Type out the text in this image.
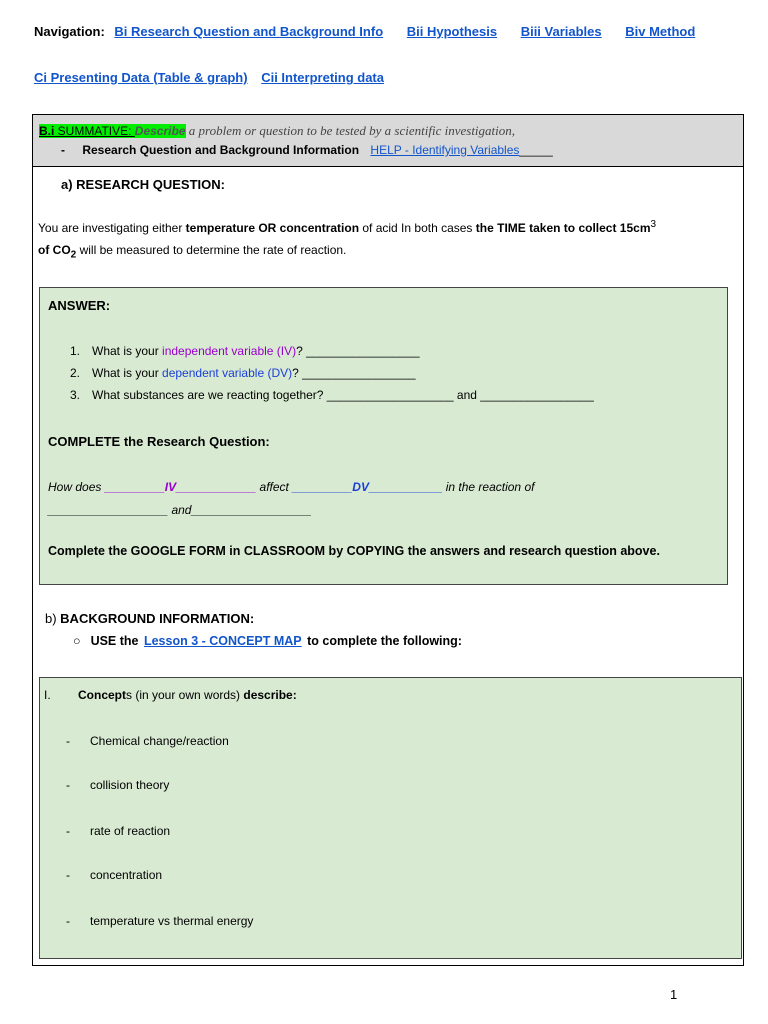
Navigation: Bi Research Question and Background Info Bii Hypothesis Biii Variables Biv Method
Ci Presenting Data (Table & graph) Cii Interpreting data
B.i SUMMATIVE: Describe a problem or question to be tested by a scientific investigation,
- Research Question and Background Information HELP - Identifying Variables_____
a) RESEARCH QUESTION:
You are investigating either temperature OR concentration of acid In both cases the TIME taken to collect $15cm^3$
of $CO_2$ will be measured to determine the rate of reaction.
ANSWER:
1. What is your independent variable (IV)? _________________
2. What is your dependent variable (DV)? _________________
3. What substances are we reacting together? ___________________ and _________________
COMPLETE the Research Question:
How does _________IV____________ affect _________DV___________ in the reaction of
__________________ and__________________
Complete the GOOGLE FORM in CLASSROOM by COPYING the answers and research question above.
b) BACKGROUND INFORMATION:
○ USE the Lesson 3 - CONCEPT MAP to complete the following:
I. Concepts (in your own words) describe:
- Chemical change/reaction
- collision theory
- rate of reaction
- concentration
- temperature vs thermal energy
1
